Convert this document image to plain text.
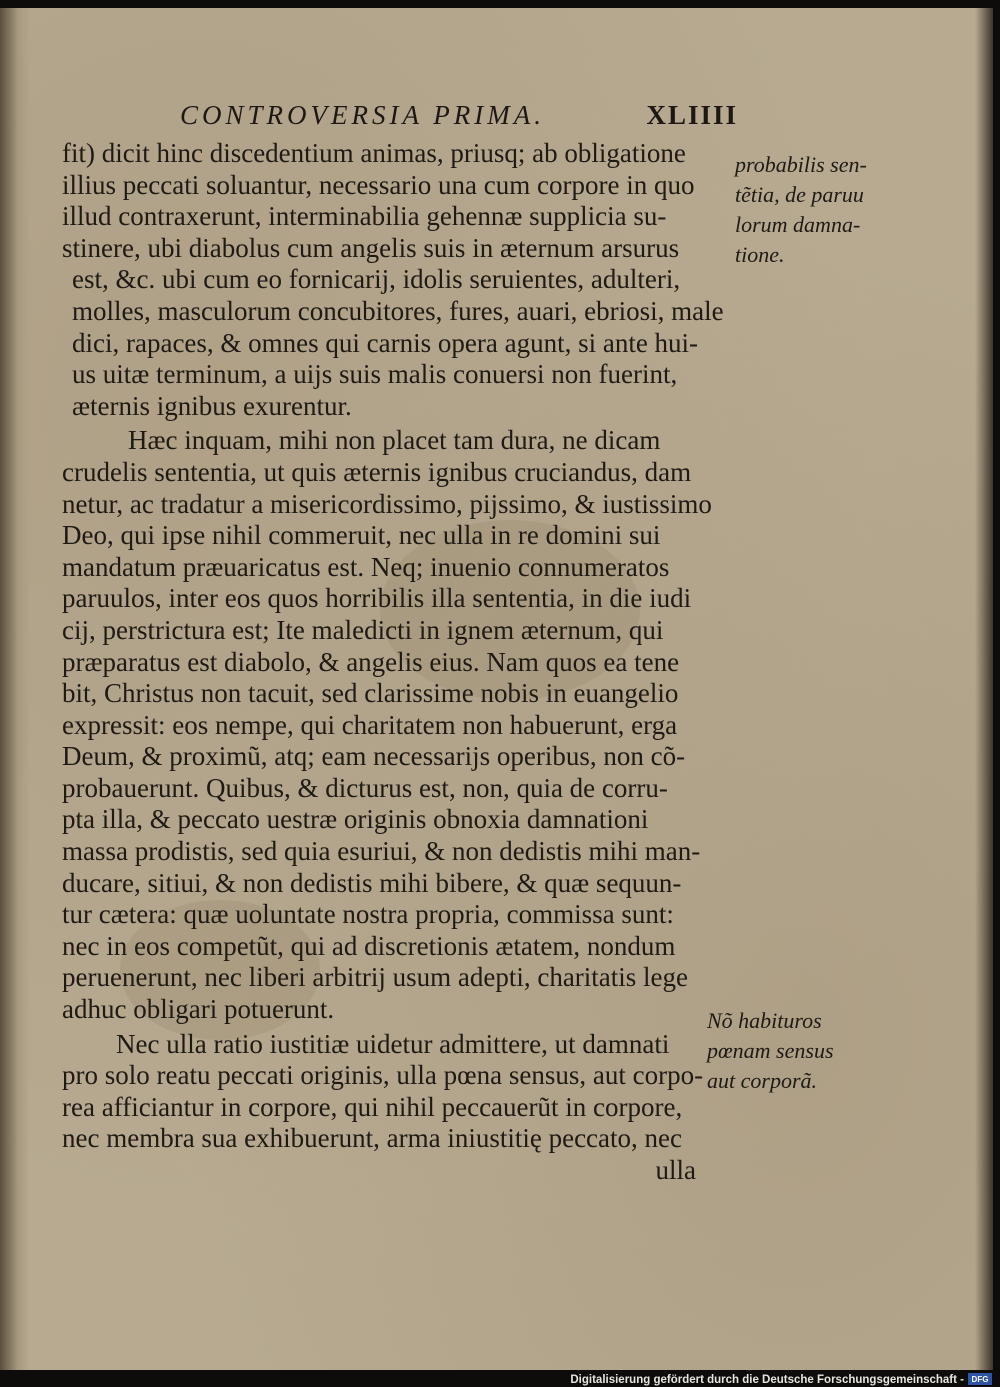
CONTROVERSIA PRIMA.	XLIIII
fit) dicit hinc discedentium animas, priusq; ab obligatione
illius peccati soluantur, necessario una cum corpore in quo
illud contraxerunt, interminabilia gehennæ supplicia su-
stinere, ubi diabolus cum angelis suis in æternum arsurus
est, &c. ubi cum eo fornicarij, idolis seruientes, adulteri,
molles, masculorum concubitores, fures, auari, ebriosi, male
dici, rapaces, & omnes qui carnis opera agunt, si ante hui-
us uitæ terminum, a uijs suis malis conuersi non fuerint,
æternis ignibus exurentur.
Hæc inquam, mihi non placet tam dura, ne dicam
crudelis sententia, ut quis æternis ignibus cruciandus, dam
netur, ac tradatur a misericordissimo, pijssimo, & iustissimo
Deo, qui ipse nihil commeruit, nec ulla in re domini sui
mandatum præuaricatus est. Neq; inuenio connumeratos
paruulos, inter eos quos horribilis illa sententia, in die iudi
cij, perstrictura est; Ite maledicti in ignem æternum, qui
præparatus est diabolo, & angelis eius. Nam quos ea tene
bit, Christus non tacuit, sed clarissime nobis in euangelio
expressit: eos nempe, qui charitatem non habuerunt, erga
Deum, & proximũ, atq; eam necessarijs operibus, non cõ-
probauerunt. Quibus, & dicturus est, non, quia de corru-
pta illa, & peccato uestræ originis obnoxia damnationi
massa prodistis, sed quia esuriui, & non dedistis mihi man-
ducare, sitiui, & non dedistis mihi bibere, & quæ sequun-
tur cætera: quæ uoluntate nostra propria, commissa sunt:
nec in eos competũt, qui ad discretionis ætatem, nondum
peruenerunt, nec liberi arbitrij usum adepti, charitatis lege
adhuc obligari potuerunt.
Nec ulla ratio iustitiæ uidetur admittere, ut damnati
pro solo reatu peccati originis, ulla pœna sensus, aut corpo-
rea afficiantur in corpore, qui nihil peccauerũt in corpore,
nec membra sua exhibuerunt, arma iniustitię peccato, nec
ulla
probabilis sen-
tẽtia, de paruu
lorum damna-
tione.
Nõ habituros
pœnam sensus
aut corporã.
Digitalisierung gefördert durch die Deutsche Forschungsgemeinschaft - DFG
